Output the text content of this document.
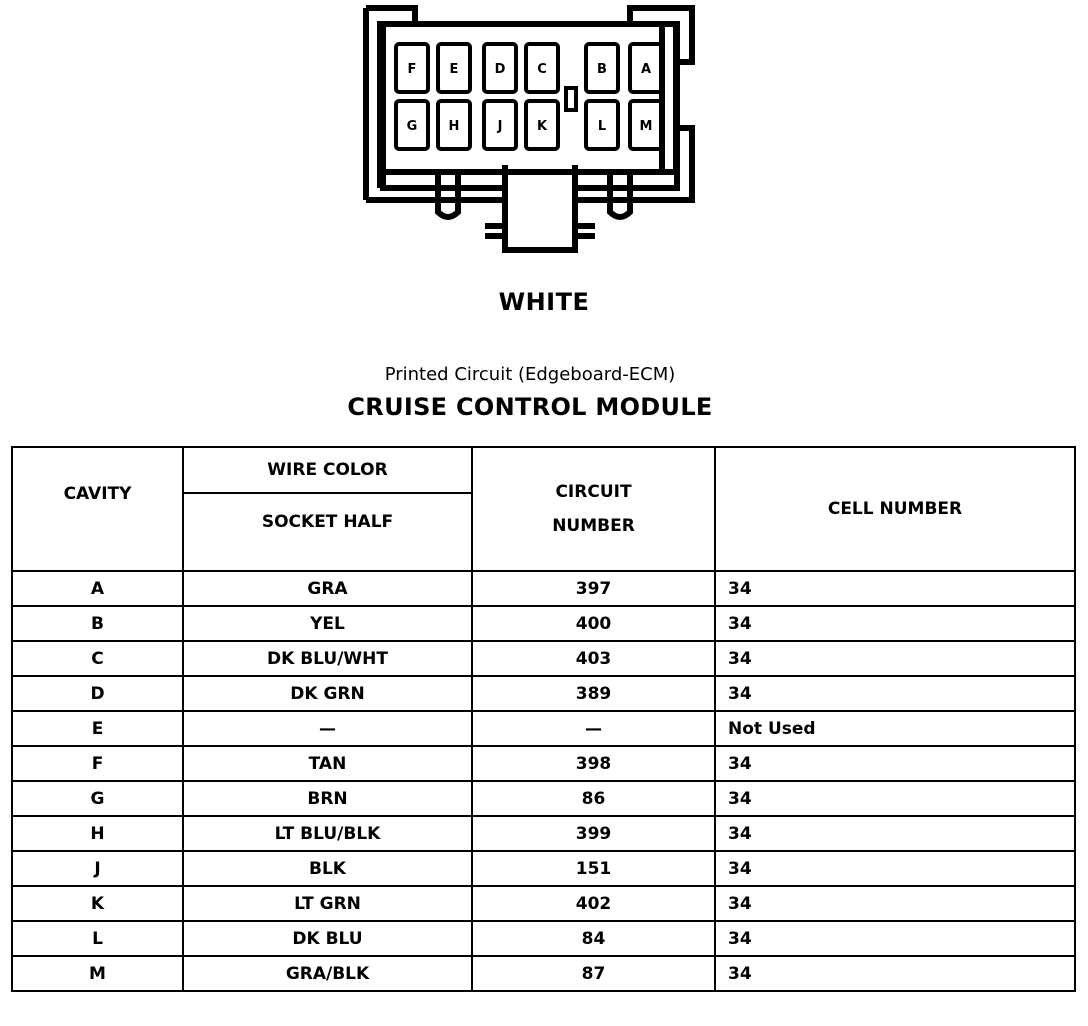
F	E	D C	B	A
G H	J	K	L	M
WHITE
Printed Circuit (Edgeboard-ECM)
CRUISE CONTROL MODULE
CAVITY	WIRE COLOR	CIRCUIT NUMBER	CELL NUMBER
	SOCKET HALF		
A	GRA	397	34
B	YEL	400	34
C	DK BLU/WHT	403	34
D	DK GRN	389	34
E	—	—	Not Used
F	TAN	398	34
G	BRN	86	34
H	LT BLU/BLK	399	34
J	BLK	151	34
K	LT GRN	402	34
L	DK BLU	84	34
M	GRA/BLK	87	34
